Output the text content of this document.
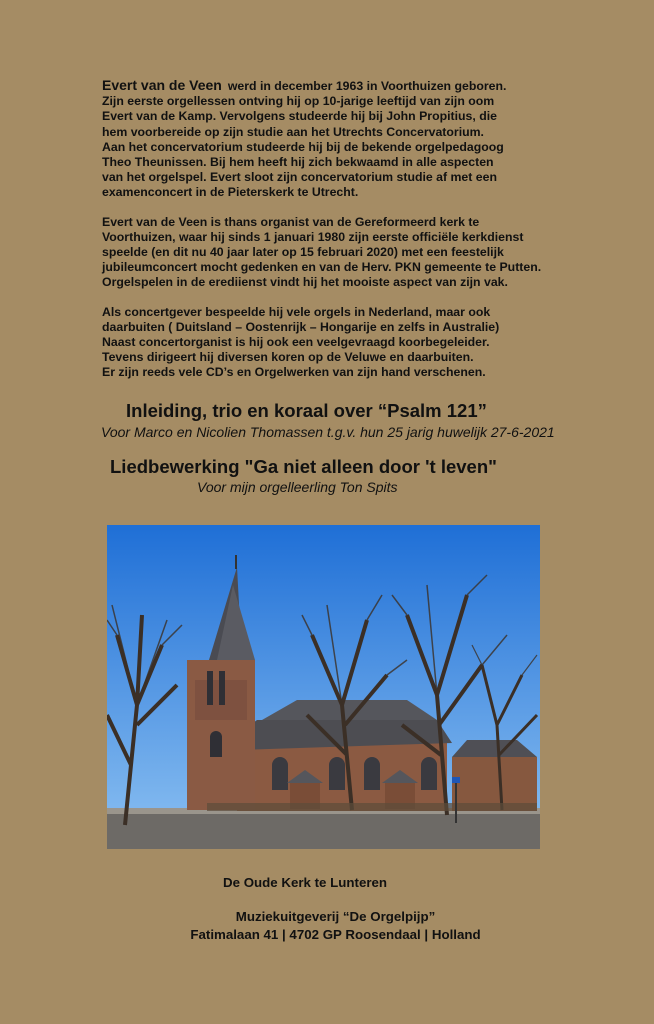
Evert van de Veen werd in december 1963 in Voorthuizen geboren.
Zijn eerste orgellessen ontving hij op 10-jarige leeftijd van zijn oom
Evert van de Kamp. Vervolgens studeerde hij bij John Propitius, die
hem voorbereide op zijn studie aan het Utrechts Concervatorium.
Aan het concervatorium studeerde hij bij de bekende orgelpedagoog
Theo Theunissen. Bij hem heeft hij zich bekwaamd in alle aspecten
van het orgelspel. Evert sloot zijn concervatorium studie af met een
examenconcert in de Pieterskerk te Utrecht.

Evert van de Veen is thans organist van de Gereformeerd kerk te
Voorthuizen, waar hij sinds 1 januari 1980 zijn eerste officiële kerkdienst
speelde (en dit nu 40 jaar later op 15 februari 2020) met een feestelijk
jubileumconcert mocht gedenken en van de Herv. PKN gemeente te Putten.
Orgelspelen in de erediienst vindt hij het mooiste aspect van zijn vak.

Als concertgever bespeelde hij vele orgels in Nederland, maar ook
daarbuiten ( Duitsland – Oostenrijk – Hongarije en zelfs in Australie)
Naast concertorganist is hij ook een veelgevraagd koorbegeleider.
Tevens dirigeert hij diversen koren op de Veluwe en daarbuiten.
Er zijn reeds vele CD’s en Orgelwerken van zijn hand verschenen.

Inleiding, trio en koraal over “Psalm 121”
Voor Marco en Nicolien Thomassen t.g.v. hun 25 jarig huwelijk 27-6-2021
Liedbewerking "Ga niet alleen door 't leven"
Voor mijn orgelleerling Ton Spits
De Oude Kerk te Lunteren
Muziekuitgeverij “De Orgelpijp”
Fatimalaan 41 | 4702 GP Roosendaal | Holland
